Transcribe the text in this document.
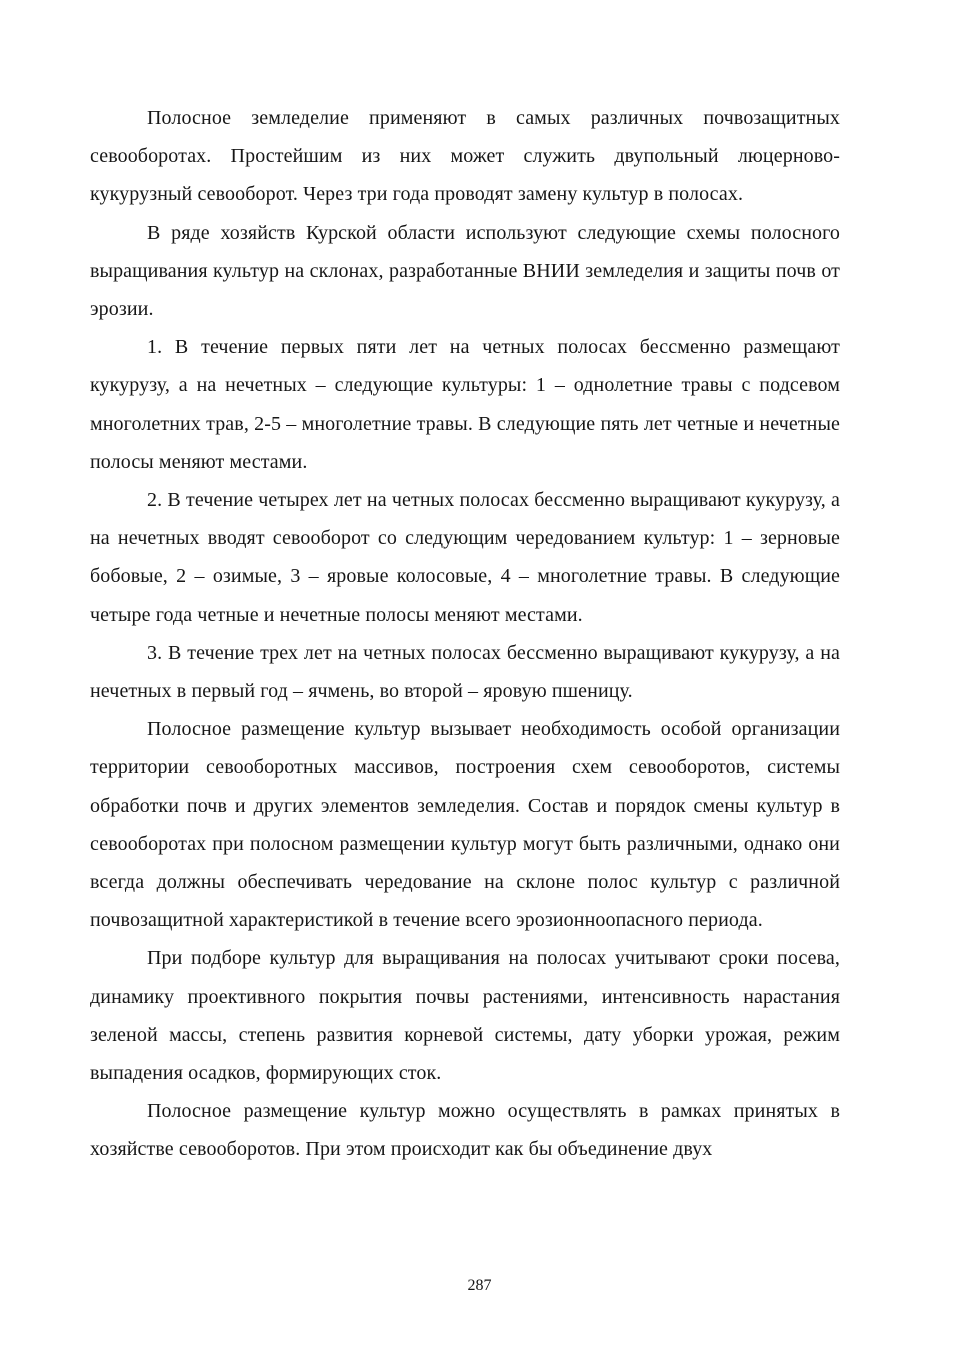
Полосное земледелие применяют в самых различных почвозащитных севооборотах. Простейшим из них может служить двупольный люцерново-кукурузный севооборот. Через три года проводят замену культур в полосах.

В ряде хозяйств Курской области используют следующие схемы полосного выращивания культур на склонах, разработанные ВНИИ земледелия и защиты почв от эрозии.

1. В течение первых пяти лет на четных полосах бессменно размещают кукурузу, а на нечетных – следующие культуры: 1 – однолетние травы с подсевом многолетних трав, 2-5 – многолетние травы. В следующие пять лет четные и нечетные полосы меняют местами.

2. В течение четырех лет на четных полосах бессменно выращивают кукурузу, а на нечетных вводят севооборот со следующим чередованием культур: 1 – зерновые бобовые, 2 – озимые, 3 – яровые колосовые, 4 – многолетние травы. В следующие четыре года четные и нечетные полосы меняют местами.

3. В течение трех лет на четных полосах бессменно выращивают кукурузу, а на нечетных в первый год – ячмень, во второй – яровую пшеницу.

Полосное размещение культур вызывает необходимость особой организации территории севооборотных массивов, построения схем севооборотов, системы обработки почв и других элементов земледелия. Состав и порядок смены культур в севооборотах при полосном размещении культур могут быть различными, однако они всегда должны обеспечивать чередование на склоне полос культур с различной почвозащитной характеристикой в течение всего эрозионноопасного периода.

При подборе культур для выращивания на полосах учитывают сроки посева, динамику проективного покрытия почвы растениями, интенсивность нарастания зеленой массы, степень развития корневой системы, дату уборки урожая, режим выпадения осадков, формирующих сток.

Полосное размещение культур можно осуществлять в рамках принятых в хозяйстве севооборотов. При этом происходит как бы объединение двух

287
